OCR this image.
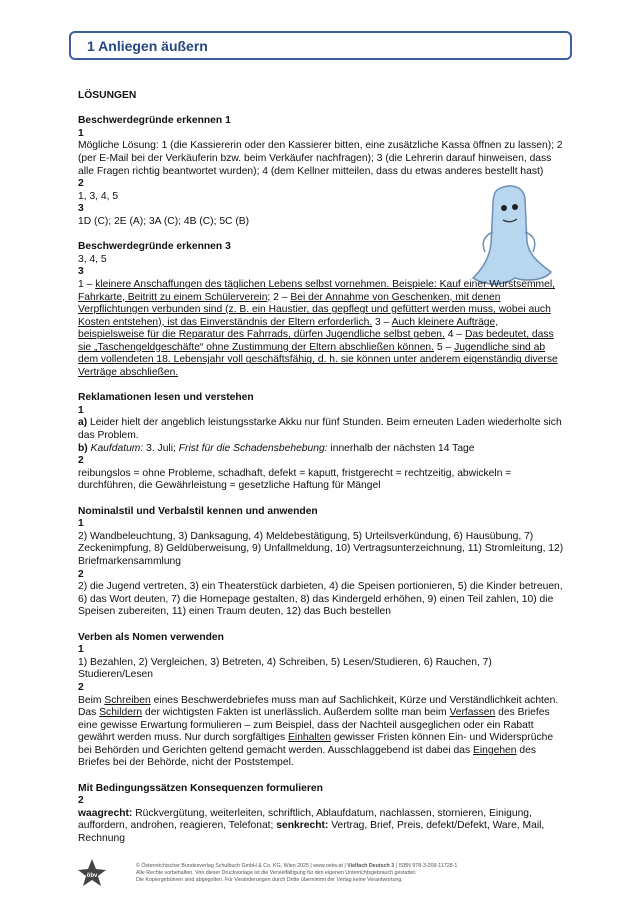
1 Anliegen äußern
LÖSUNGEN
Beschwerdegründe erkennen 1
1
Mögliche Lösung: 1 (die Kassiererin oder den Kassierer bitten, eine zusätzliche Kassa öffnen zu lassen); 2 (per E-Mail bei der Verkäuferin bzw. beim Verkäufer nachfragen); 3 (die Lehrerin darauf hinweisen, dass alle Fragen richtig beantwortet wurden); 4 (dem Kellner mitteilen, dass du etwas anderes bestellt hast)
2
1, 3, 4, 5
3
1D (C); 2E (A); 3A (C); 4B (C); 5C (B)
Beschwerdegründe erkennen 3
3, 4, 5
3
1 – kleinere Anschaffungen des täglichen Lebens selbst vornehmen. Beispiele: Kauf einer Wurstsemmel, Fahrkarte, Beitritt zu einem Schülerverein; 2 – Bei der Annahme von Geschenken, mit denen Verpflichtungen verbunden sind (z. B. ein Haustier, das gepflegt und gefüttert werden muss, wobei auch Kosten entstehen), ist das Einverständnis der Eltern erforderlich. 3 – Auch kleinere Aufträge, beispielsweise für die Reparatur des Fahrrads, dürfen Jugendliche selbst geben. 4 – Das bedeutet, dass sie „Taschengeldgeschäfte“ ohne Zustimmung der Eltern abschließen können. 5 – Jugendliche sind ab dem vollendeten 18. Lebensjahr voll geschäftsfähig, d. h. sie können unter anderem eigenständig diverse Verträge abschließen.
Reklamationen lesen und verstehen
1
a) Leider hielt der angeblich leistungsstarke Akku nur fünf Stunden. Beim erneuten Laden wiederholte sich das Problem.
b) Kaufdatum: 3. Juli; Frist für die Schadensbehebung: innerhalb der nächsten 14 Tage
2
reibungslos = ohne Probleme, schadhaft, defekt = kaputt, fristgerecht = rechtzeitig, abwickeln = durchführen, die Gewährleistung = gesetzliche Haftung für Mängel
Nominalstil und Verbalstil kennen und anwenden
1
2) Wandbeleuchtung, 3) Danksagung, 4) Meldebestätigung, 5) Urteilsverkündung, 6) Hausübung, 7) Zeckenimpfung, 8) Geldüberweisung, 9) Unfallmeldung, 10) Vertragsunterzeichnung, 11) Stromleitung, 12) Briefmarkensammlung
2
2) die Jugend vertreten, 3) ein Theaterstück darbieten, 4) die Speisen portionieren, 5) die Kinder betreuen, 6) das Wort deuten, 7) die Homepage gestalten, 8) das Kindergeld erhöhen, 9) einen Teil zahlen, 10) die Speisen zubereiten, 11) einen Traum deuten, 12) das Buch bestellen
Verben als Nomen verwenden
1
1) Bezahlen, 2) Vergleichen, 3) Betreten, 4) Schreiben, 5) Lesen/Studieren, 6) Rauchen, 7) Studieren/Lesen
2
Beim Schreiben eines Beschwerdebriefes muss man auf Sachlichkeit, Kürze und Verständlichkeit achten. Das Schildern der wichtigsten Fakten ist unerlässlich. Außerdem sollte man beim Verfassen des Briefes eine gewisse Erwartung formulieren – zum Beispiel, dass der Nachteil ausgeglichen oder ein Rabatt gewährt werden muss. Nur durch sorgfältiges Einhalten gewisser Fristen können Ein- und Widersprüche bei Behörden und Gerichten geltend gemacht werden. Ausschlaggebend ist dabei das Eingehen des Briefes bei der Behörde, nicht der Poststempel.
Mit Bedingungssätzen Konsequenzen formulieren
2
waagrecht: Rückvergütung, weiterleiten, schriftlich, Ablaufdatum, nachlassen, stornieren, Einigung, auffordern, androhen, reagieren, Telefonat; senkrecht: Vertrag, Brief, Preis, defekt/Defekt, Ware, Mail, Rechnung
öbv
© Österreichischer Bundesverlag Schulbuch GmbH & Co. KG, Wien 2025 | www.oebv.at | Vielfach Deutsch 3 | ISBN 978-3-209-11728-1
Alle Rechte vorbehalten. Von dieser Druckvorlage ist die Vervielfältigung für den eigenen Unterrichtsgebrauch gestattet.
Die Kopiergebühren sind abgegolten. Für Veränderungen durch Dritte übernimmt der Verlag keine Verantwortung.
